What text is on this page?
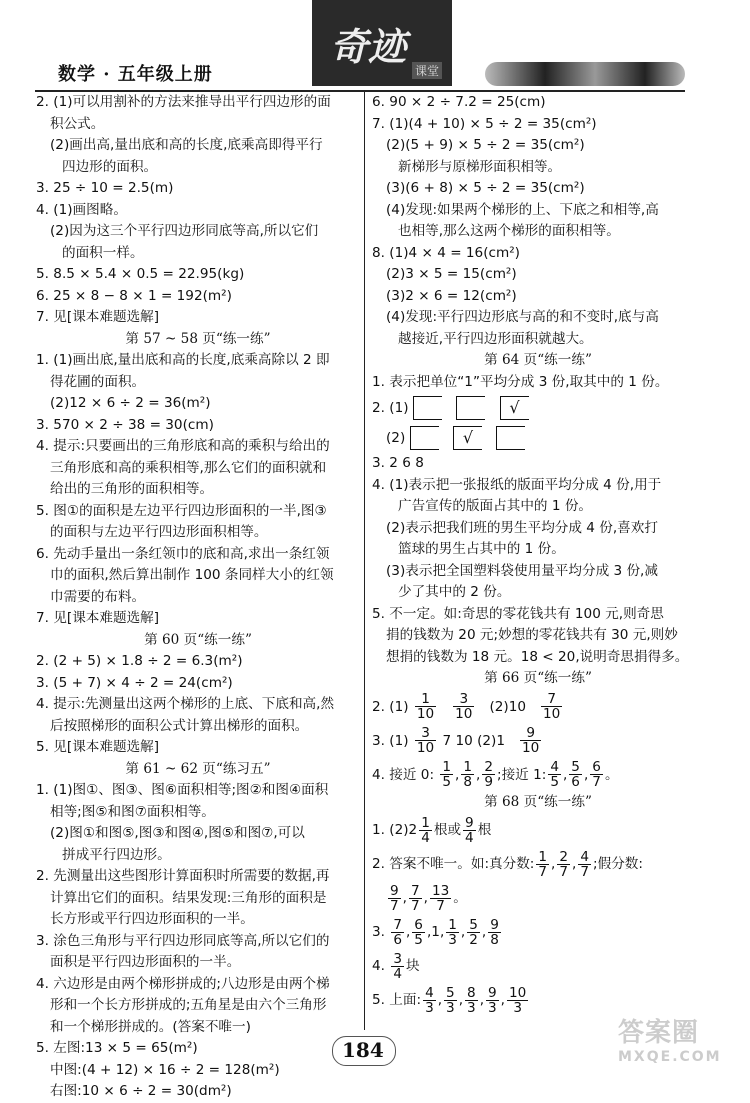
数学 · 五年级上册
奇迹
课堂
2. (1)可以用割补的方法来推导出平行四边形的面
积公式。
(2)画出高,量出底和高的长度,底乘高即得平行
四边形的面积。
3. 25 ÷ 10 = 2.5(m)
4. (1)画图略。
(2)因为这三个平行四边形同底等高,所以它们
的面积一样。
5. 8.5 × 5.4 × 0.5 = 22.95(kg)
6. 25 × 8 − 8 × 1 = 192(m²)
7. 见[课本难题选解]
第 57 ~ 58 页“练一练”
1. (1)画出底,量出底和高的长度,底乘高除以 2 即
得花圃的面积。
(2)12 × 6 ÷ 2 = 36(m²)
3. 570 × 2 ÷ 38 = 30(cm)
4. 提示:只要画出的三角形底和高的乘积与给出的
三角形底和高的乘积相等,那么它们的面积就和
给出的三角形的面积相等。
5. 图①的面积是左边平行四边形面积的一半,图③
的面积与左边平行四边形面积相等。
6. 先动手量出一条红领巾的底和高,求出一条红领
巾的面积,然后算出制作 100 条同样大小的红领
巾需要的布料。
7. 见[课本难题选解]
第 60 页“练一练”
2. (2 + 5) × 1.8 ÷ 2 = 6.3(m²)
3. (5 + 7) × 4 ÷ 2 = 24(cm²)
4. 提示:先测量出这两个梯形的上底、下底和高,然
后按照梯形的面积公式计算出梯形的面积。
5. 见[课本难题选解]
第 61 ~ 62 页“练习五”
1. (1)图①、图③、图⑥面积相等;图②和图④面积
相等;图⑤和图⑦面积相等。
(2)图①和图⑤,图③和图④,图⑤和图⑦,可以
拼成平行四边形。
2. 先测量出这些图形计算面积时所需要的数据,再
计算出它们的面积。结果发现:三角形的面积是
长方形或平行四边形面积的一半。
3. 涂色三角形与平行四边形同底等高,所以它们的
面积是平行四边形面积的一半。
4. 六边形是由两个梯形拼成的;八边形是由两个梯
形和一个长方形拼成的;五角星是由六个三角形
和一个梯形拼成的。(答案不唯一)
5. 左图:13 × 5 = 65(m²)
中图:(4 + 12) × 16 ÷ 2 = 128(m²)
右图:10 × 6 ÷ 2 = 30(dm²)
6. 90 × 2 ÷ 7.2 = 25(cm)
7. (1)(4 + 10) × 5 ÷ 2 = 35(cm²)
(2)(5 + 9) × 5 ÷ 2 = 35(cm²)
新梯形与原梯形面积相等。
(3)(6 + 8) × 5 ÷ 2 = 35(cm²)
(4)发现:如果两个梯形的上、下底之和相等,高
也相等,那么这两个梯形的面积相等。
8. (1)4 × 4 = 16(cm²)
(2)3 × 5 = 15(cm²)
(3)2 × 6 = 12(cm²)
(4)发现:平行四边形底与高的和不变时,底与高
越接近,平行四边形面积就越大。
第 64 页“练一练”
1. 表示把单位“1”平均分成 3 份,取其中的 1 份。
2. (1)	√
(2)	√
3. 2 6 8
4. (1)表示把一张报纸的版面平均分成 4 份,用于
广告宣传的版面占其中的 1 份。
(2)表示把我们班的男生平均分成 4 份,喜欢打
篮球的男生占其中的 1 份。
(3)表示把全国塑料袋使用量平均分成 3 份,减
少了其中的 2 份。
5. 不一定。如:奇思的零花钱共有 100 元,则奇思
捐的钱数为 20 元;妙想的零花钱共有 30 元,则妙
想捐的钱数为 18 元。18 < 20,说明奇思捐得多。
第 66 页“练一练”
2. $(1) \frac{1}{10}$
$\frac{3}{10} (2)10 \frac{7}{10}$
3. $(1) \frac{3}{10} 7$ 10 $(2)1 \frac{9}{10}$
4. 接近 0: $\frac{1}{5}$ , $\frac{1}{8}$ , $\frac{2}{9}$ ;接近 1: $\frac{4}{5}$ , $\frac{5}{6}$ , $\frac{6}{7}$ 。
第 68 页“练一练”
1. $(2)2 \frac{1}{4}$ 根或 $\frac{9}{4}$ 根
2. 答案不唯一。如:真分数: $\frac{1}{7}$ , $\frac{2}{7}$ , $\frac{4}{7}$ ;假分数:
$\frac{9}{7}$ , $\frac{7}{7}$ , $\frac{13}{7}$ 。
3. $\frac{7}{6}$ , $\frac{6}{5} ,1$, $\frac{1}{3}$ , $\frac{5}{2}$ , $\frac{9}{8}$
4. $\frac{3}{4}$ 块
5. 上面: $\frac{4}{3}$ , $\frac{5}{3}$ , $\frac{8}{3}$ , $\frac{9}{3}$ , $\frac{10}{3}$
184
答案圈
MXQE.COM
